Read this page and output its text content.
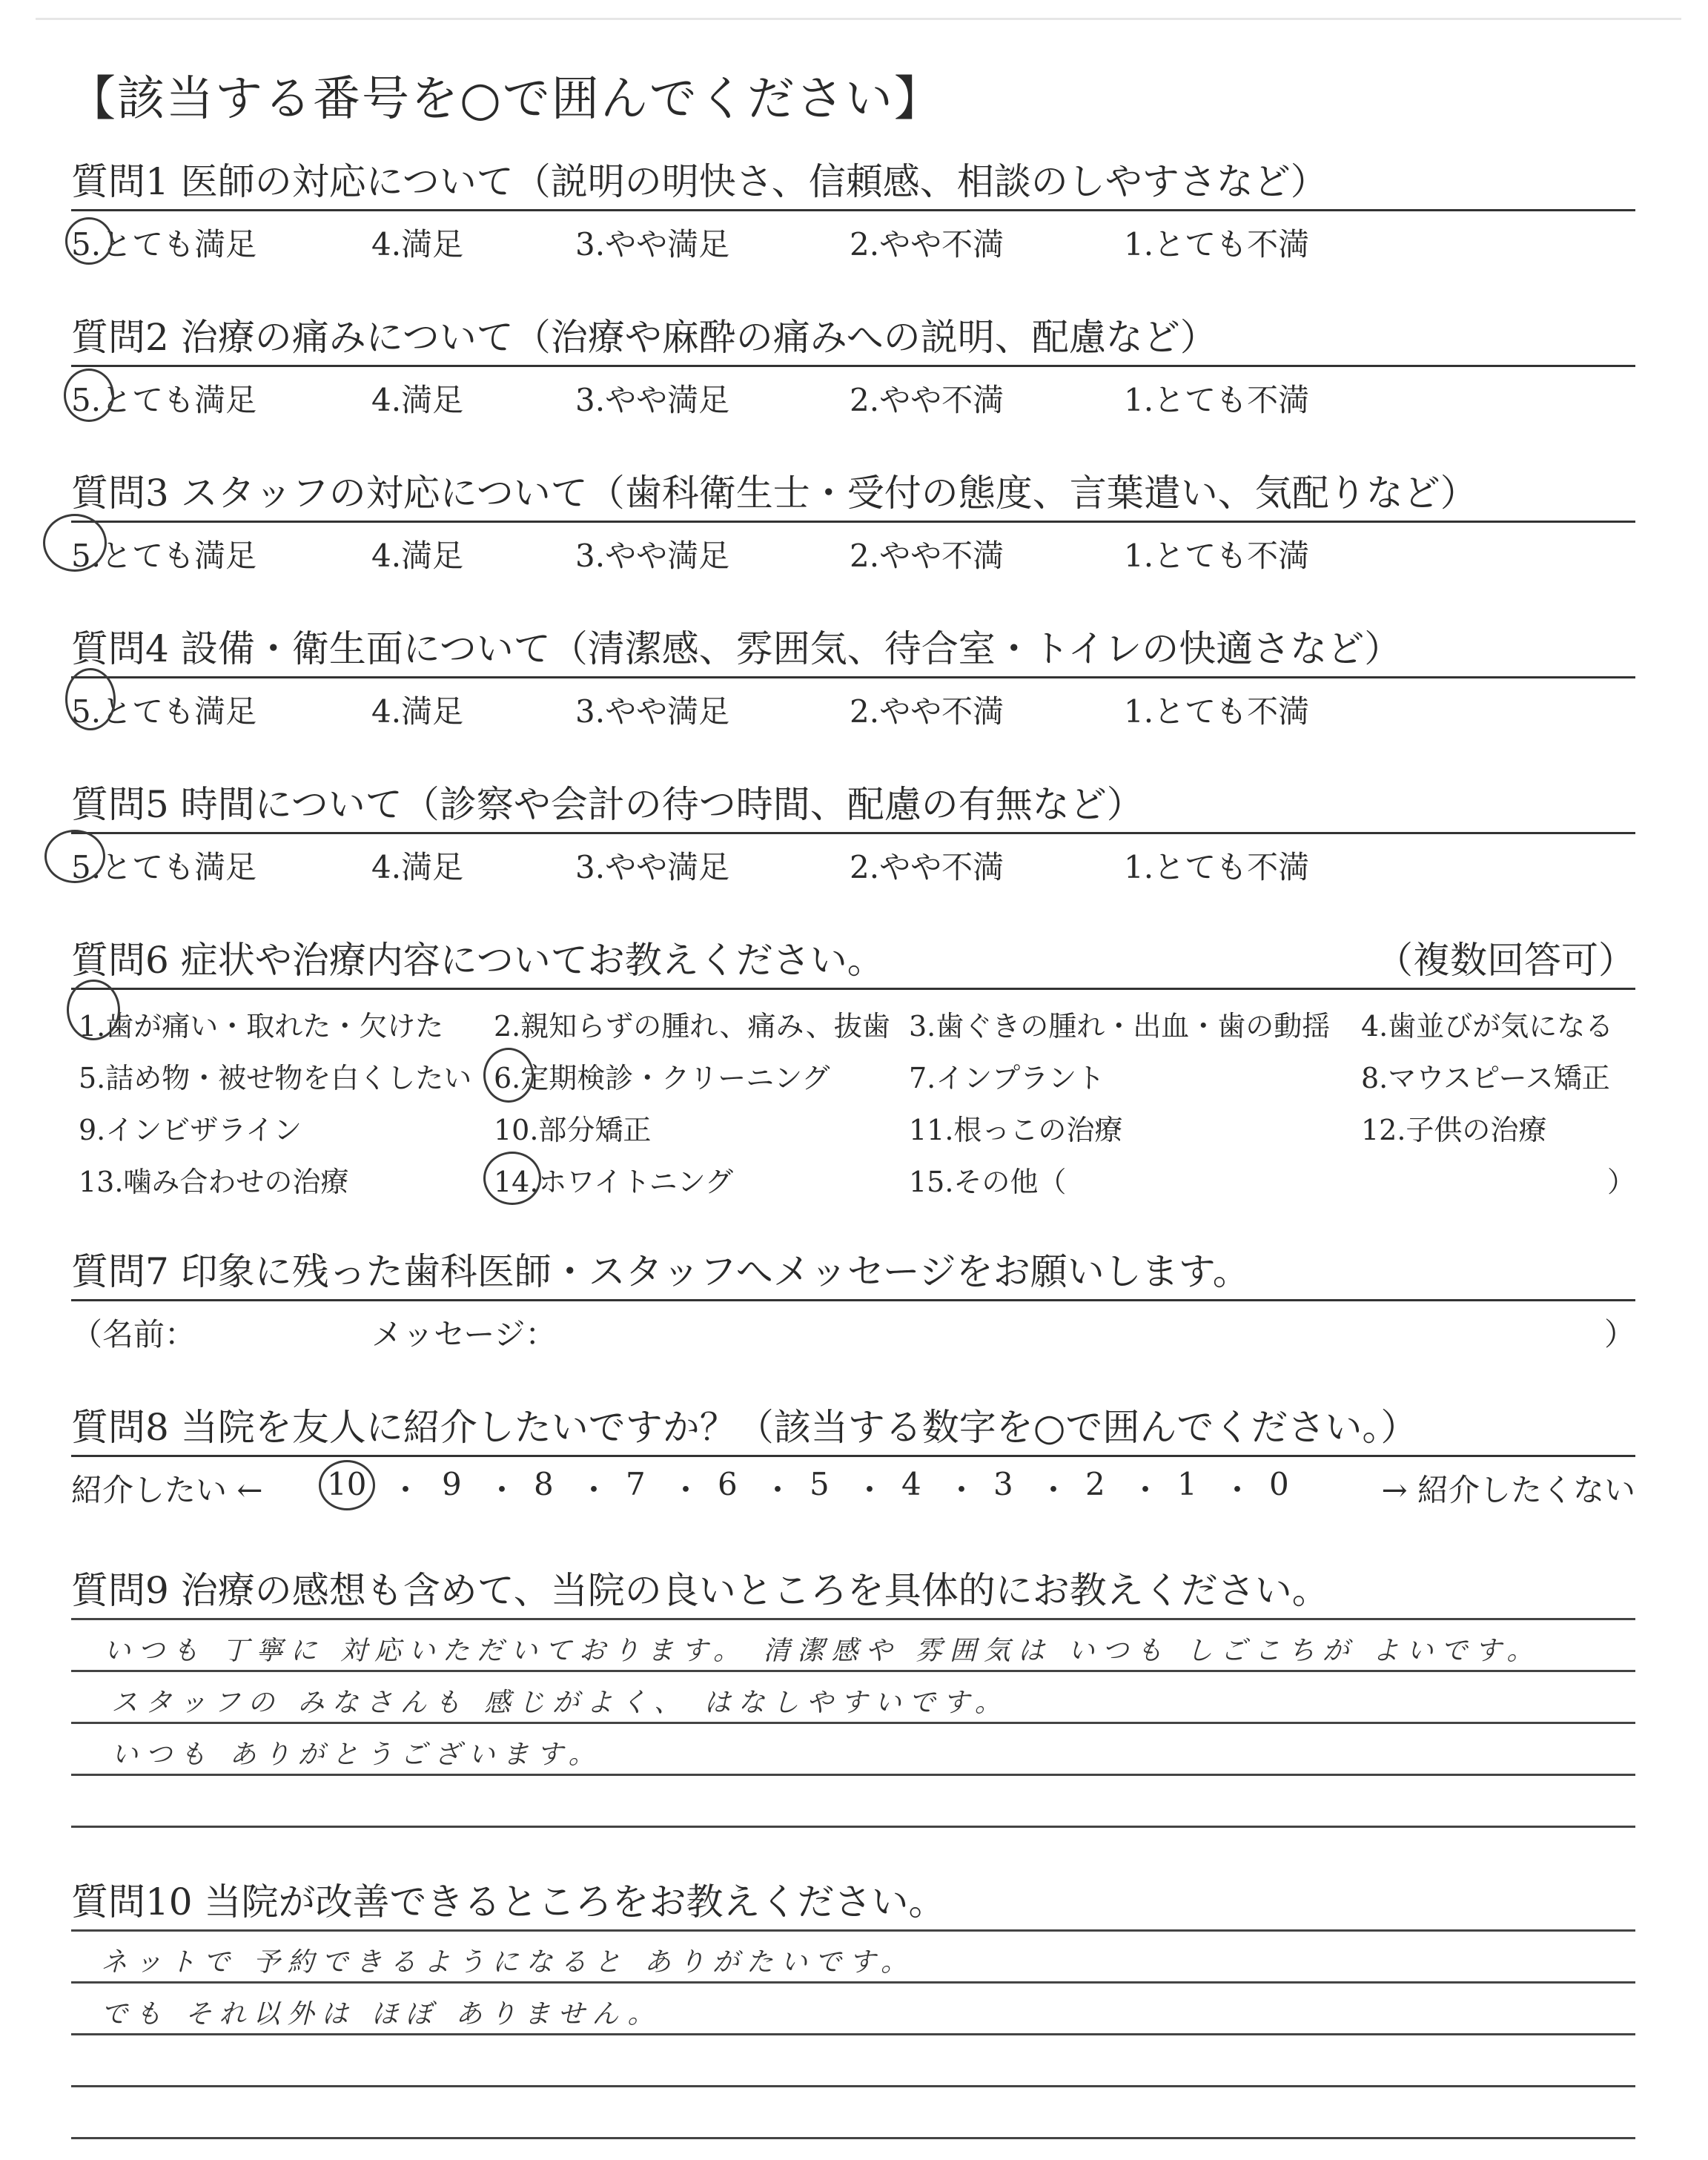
【該当する番号を○で囲んでください】
質問1 医師の対応について（説明の明快さ、信頼感、相談のしやすさなど）
5.とても満足	4.満足	3.やや満足	2.やや不満	1.とても不満
質問2 治療の痛みについて（治療や麻酔の痛みへの説明、配慮など）
5.とても満足	4.満足	3.やや満足	2.やや不満	1.とても不満
質問3 スタッフの対応について（歯科衛生士・受付の態度、言葉遣い、気配りなど）
5.とても満足	4.満足	3.やや満足	2.やや不満	1.とても不満
質問4 設備・衛生面について（清潔感、雰囲気、待合室・トイレの快適さなど）
5.とても満足	4.満足	3.やや満足	2.やや不満	1.とても不満
質問5 時間について（診察や会計の待つ時間、配慮の有無など）
5.とても満足	4.満足	3.やや満足	2.やや不満	1.とても不満
質問6 症状や治療内容についてお教えください。	（複数回答可）
1.歯が痛い・取れた・欠けた 2.親知らずの腫れ、痛み、抜歯 3.歯ぐきの腫れ・出血・歯の動揺 4.歯並びが気になる
5.詰め物・被せ物を白くしたい 6.定期検診・クリーニング	7.インプラント	8.マウスピース矯正
9.インビザライン	10.部分矯正	11.根っこの治療	12.子供の治療
13.噛み合わせの治療	14.ホワイトニング	15.その他（	）
質問7 印象に残った歯科医師・スタッフへメッセージをお願いします。
（名前：	メッセージ：	）
質問8 当院を友人に紹介したいですか？（該当する数字を○で囲んでください。）
紹介したい ← 10 ・ 9 ・ 8 ・ 7 ・ 6 ・ 5 ・ 4 ・ 3 ・ 2 ・ 1 ・ 0	→ 紹介したくない
質問9 治療の感想も含めて、当院の良いところを具体的にお教えください。
いつも 丁寧に 対応いただいております。 清潔感や 雰囲気は いつも しごこちが よいです。
スタッフの みなさんも 感じがよく、 はなしやすいです。
いつも ありがとうございます。
質問10 当院が改善できるところをお教えください。
ネットで 予約できるようになると ありがたいです。
でも それ以外は ほぼ ありません。
